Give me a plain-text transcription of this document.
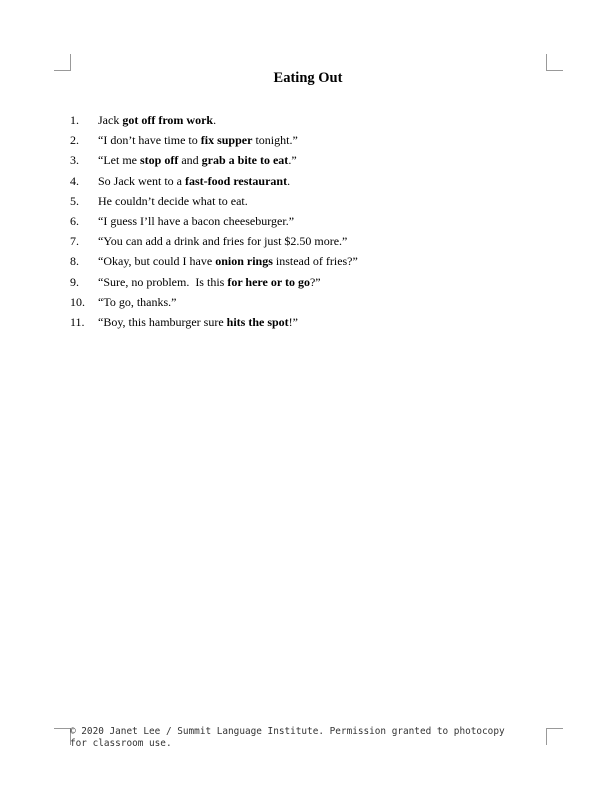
Eating Out
1.	Jack got off from work.
2.	“I don’t have time to fix supper tonight.”
3.	“Let me stop off and grab a bite to eat.”
4.	So Jack went to a fast-food restaurant.
5.	He couldn’t decide what to eat.
6.	“I guess I’ll have a bacon cheeseburger.”
7.	“You can add a drink and fries for just $2.50 more.”
8.	“Okay, but could I have onion rings instead of fries?”
9.	“Sure, no problem.  Is this for here or to go?”
10.	“To go, thanks.”
11.	“Boy, this hamburger sure hits the spot!”
© 2020 Janet Lee / Summit Language Institute. Permission granted to photocopy
for classroom use.
